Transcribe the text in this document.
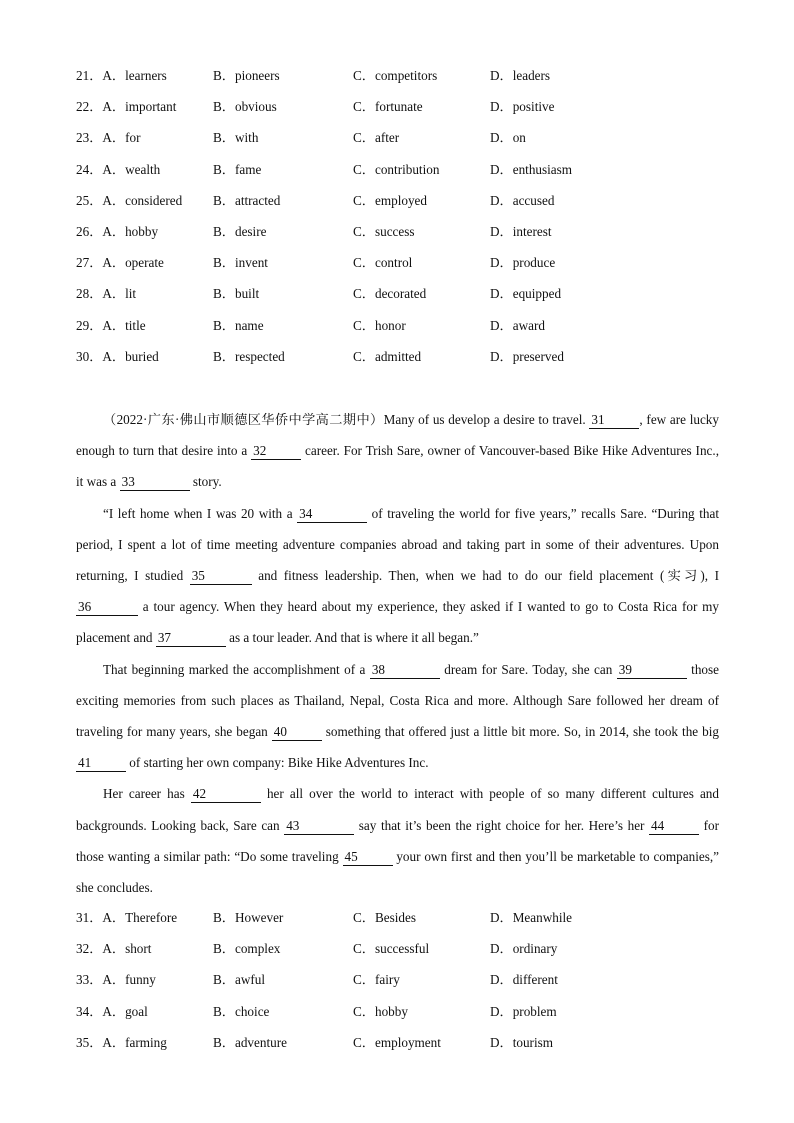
21．A．learners	B．pioneers	C．competitors	D．leaders
22．A．important	B．obvious	C．fortunate	D．positive
23．A．for	B．with	C．after	D．on
24．A．wealth	B．fame	C．contribution	D．enthusiasm
25．A．considered B．attracted	C．employed	D．accused
26．A．hobby	B．desire	C．success	D．interest
27．A．operate	B．invent	C．control	D．produce
28．A．lit	B．built	C．decorated	D．equipped
29．A．title	B．name	C．honor	D．award
30．A．buried	B．respected	C．admitted	D．preserved

（2022·广东·佛山市顺德区华侨中学高二期中）Many of us develop a desire to travel. 31	, few are lucky enough to turn that desire into a 32	career. For Trish Sare, owner of Vancouver-based Bike Hike Adventures Inc., it was a 33	story.

“I left home when I was 20 with a 34	of traveling the world for five years,” recalls Sare. “During that period, I spent a lot of time meeting adventure companies abroad and taking part in some of their adventures. Upon returning, I studied 35	and fitness leadership. Then, when we had to do our field placement (实习), I 36	a tour agency. When they heard about my experience, they asked if I wanted to go to Costa Rica for my placement and 37	as a tour leader. And that is where it all began.”

That beginning marked the accomplishment of a 38	dream for Sare. Today, she can 39	those exciting memories from such places as Thailand, Nepal, Costa Rica and more. Although Sare followed her dream of traveling for many years, she began 40	something that offered just a little bit more. So, in 2014, she took the big 41	of starting her own company: Bike Hike Adventures Inc.

Her career has 42	her all over the world to interact with people of so many different cultures and backgrounds. Looking back, Sare can 43	say that it’s been the right choice for her. Here’s her 44	for those wanting a similar path: “Do some traveling 45	your own first and then you’ll be marketable to companies,” she concludes.

31．A．Therefore	B．However	C．Besides	D．Meanwhile
32．A．short	B．complex	C．successful	D．ordinary
33．A．funny	B．awful	C．fairy	D．different
34．A．goal	B．choice	C．hobby	D．problem
35．A．farming	B．adventure	C．employment	D．tourism
